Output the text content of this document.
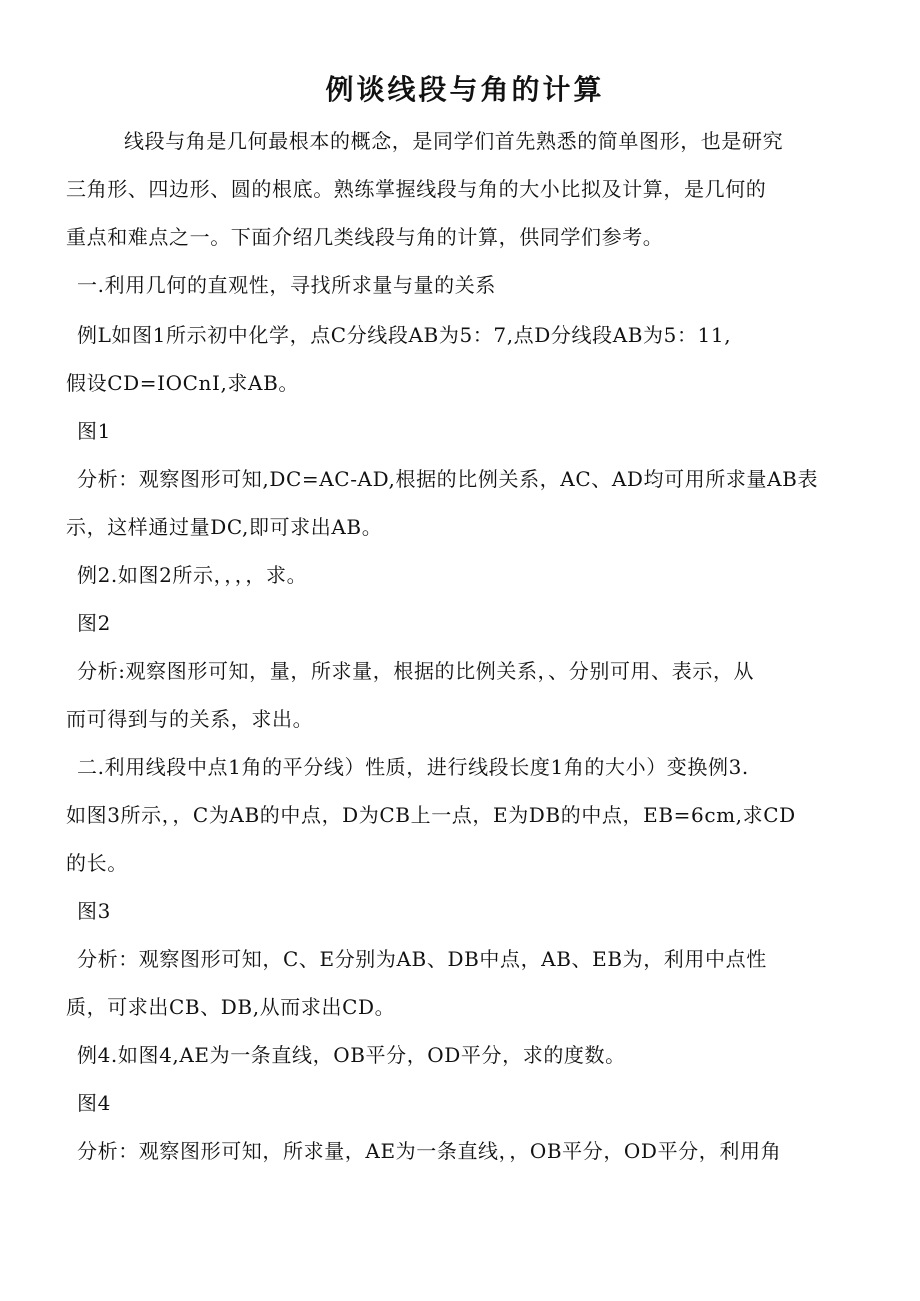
例谈线段与角的计算
线段与角是几何最根本的概念，是同学们首先熟悉的简单图形，也是研究
三角形、四边形、圆的根底。熟练掌握线段与角的大小比拟及计算，是几何的
重点和难点之一。下面介绍几类线段与角的计算，供同学们参考。
一.利用几何的直观性，寻找所求量与量的关系
例L如图1所示初中化学，点C分线段AB为5：7,点D分线段AB为5：11,
假设CD=IOCnI,求AB。
图1
分析：观察图形可知,DC=AC-AD,根据的比例关系，AC、AD均可用所求量AB表
示，这样通过量DC,即可求出AB。
例2.如图2所示，，，，求。
图2
分析:观察图形可知，量，所求量，根据的比例关系，、分别可用、表示，从
而可得到与的关系，求出。
二.利用线段中点1角的平分线）性质，进行线段长度1角的大小）变换例3.
如图3所示，，C为AB的中点，D为CB上一点，E为DB的中点，EB=6cm,求CD
的长。
图3
分析：观察图形可知，C、E分别为AB、DB中点，AB、EB为，利用中点性
质，可求出CB、DB,从而求出CD。
例4.如图4,AE为一条直线，OB平分，OD平分，求的度数。
图4
分析：观察图形可知，所求量，AE为一条直线，，OB平分，OD平分，利用角
